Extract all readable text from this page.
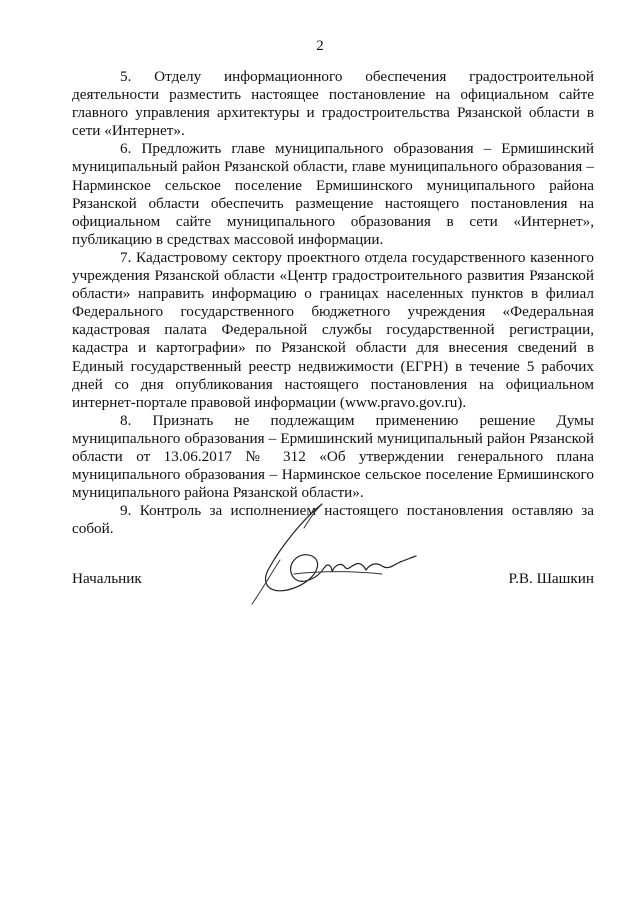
2

5. Отделу информационного обеспечения градостроительной деятельности разместить настоящее постановление на официальном сайте главного управления архитектуры и градостроительства Рязанской области в сети «Интернет».

6. Предложить главе муниципального образования – Ермишинский муниципальный район Рязанской области, главе муниципального образования – Нарминское сельское поселение Ермишинского муниципального района Рязанской области обеспечить размещение настоящего постановления на официальном сайте муниципального образования в сети «Интернет», публикацию в средствах массовой информации.

7. Кадастровому сектору проектного отдела государственного казенного учреждения Рязанской области «Центр градостроительного развития Рязанской области» направить информацию о границах населенных пунктов в филиал Федерального государственного бюджетного учреждения «Федеральная кадастровая палата Федеральной службы государственной регистрации, кадастра и картографии» по Рязанской области для внесения сведений в Единый государственный реестр недвижимости (ЕГРН) в течение 5 рабочих дней со дня опубликования настоящего постановления на официальном интернет-портале правовой информации (www.pravo.gov.ru).

8. Признать не подлежащим применению решение Думы муниципального образования – Ермишинский муниципальный район Рязанской области от 13.06.2017 № 312 «Об утверждении генерального плана муниципального образования – Нарминское сельское поселение Ермишинского муниципального района Рязанской области».

9. Контроль за исполнением настоящего постановления оставляю за собой.

Начальник	Р.В. Шашкин
